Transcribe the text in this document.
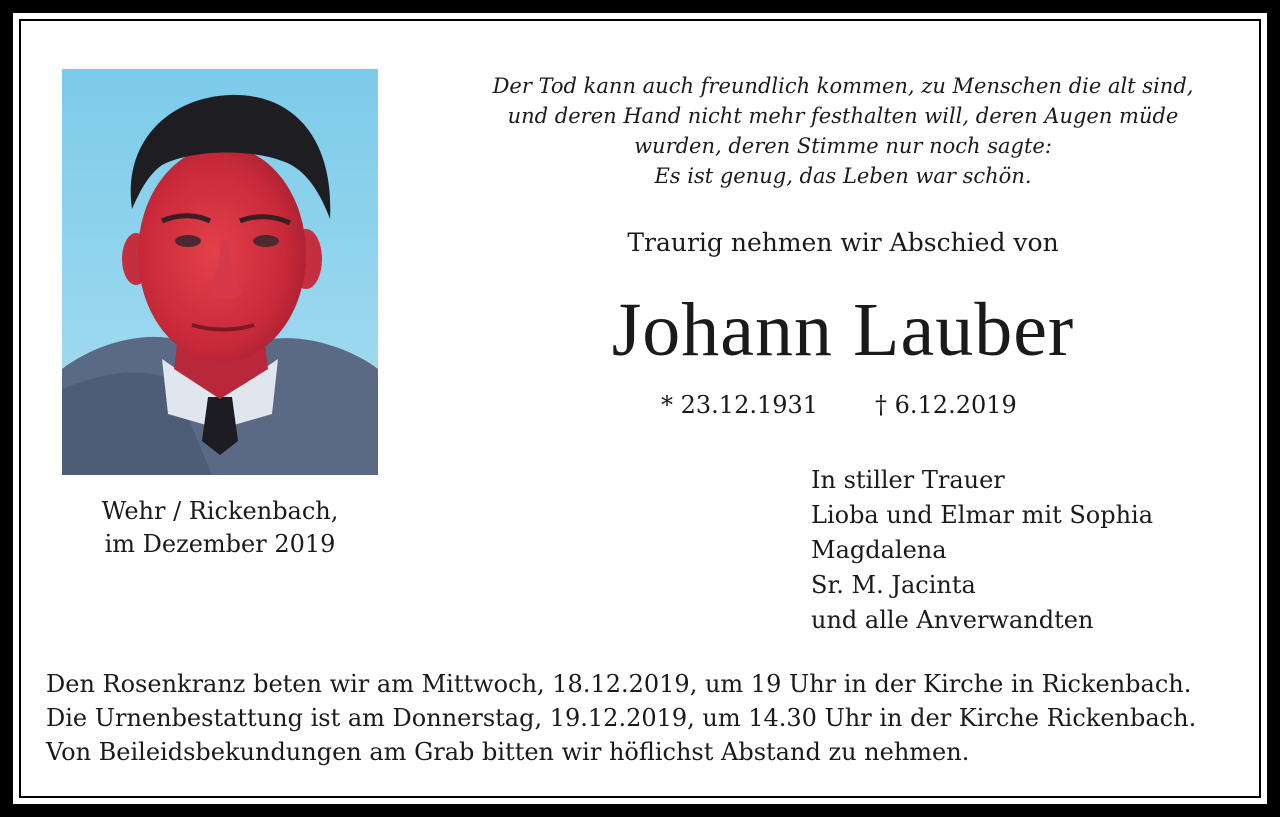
Wehr / Rickenbach,
im Dezember 2019
Der Tod kann auch freundlich kommen, zu Menschen die alt sind,
und deren Hand nicht mehr festhalten will, deren Augen müde
wurden, deren Stimme nur noch sagte:
Es ist genug, das Leben war schön.
Traurig nehmen wir Abschied von
Johann Lauber
* 23.12.1931 † 6.12.2019
In stiller Trauer
Lioba und Elmar mit Sophia
Magdalena
Sr. M. Jacinta
und alle Anverwandten
Den Rosenkranz beten wir am Mittwoch, 18.12.2019, um 19 Uhr in der Kirche in Rickenbach.
Die Urnenbestattung ist am Donnerstag, 19.12.2019, um 14.30 Uhr in der Kirche Rickenbach.
Von Beileidsbekundungen am Grab bitten wir höflichst Abstand zu nehmen.
